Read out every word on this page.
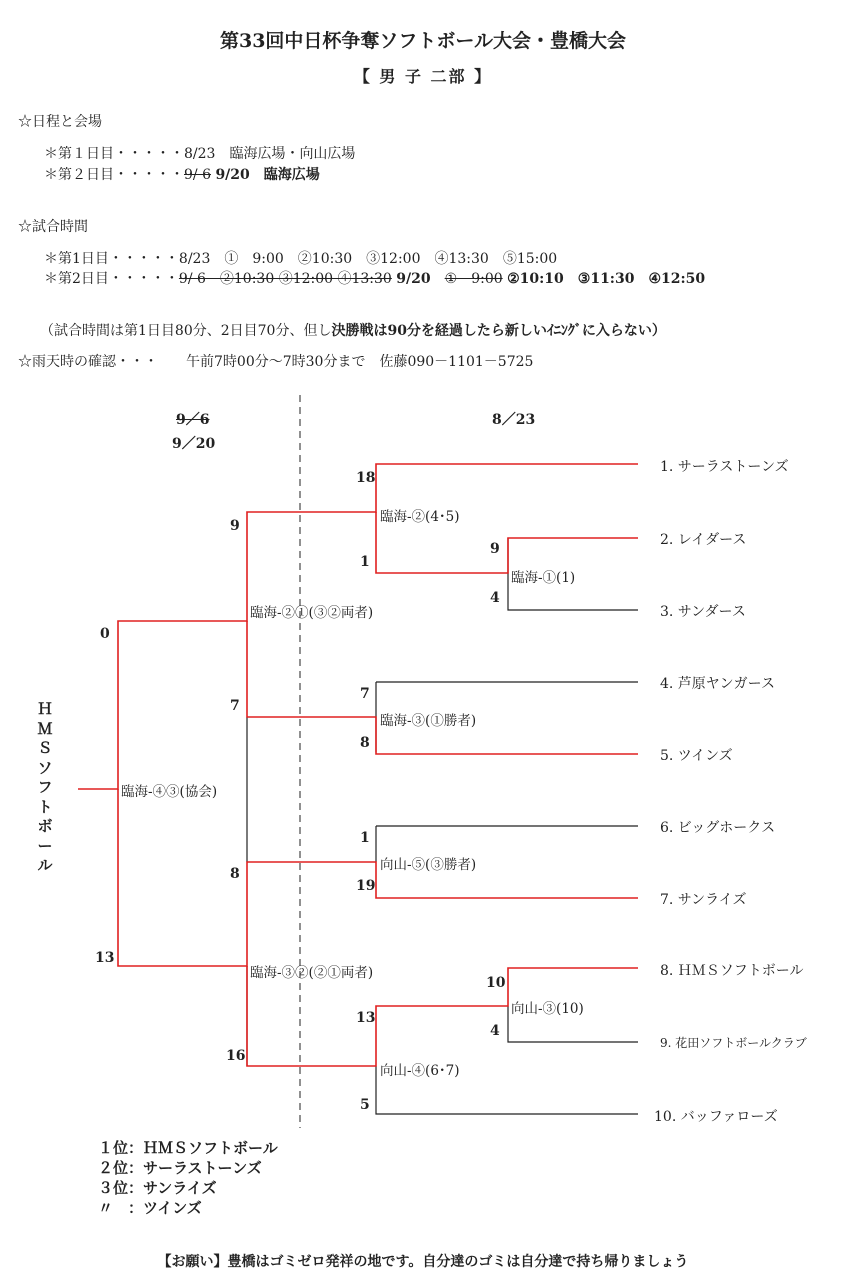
第33回中日杯争奪ソフトボール大会・豊橋大会
【 男 子 二部 】
☆日程と会場
＊第１日目・・・・・8/23　臨海広場・向山広場
＊第２日目・・・・・9/ 6 9/20　臨海広場
☆試合時間
＊第1日目・・・・・8/23　①　9:00　②10:30　③12:00　④13:30　⑤15:00
＊第2日目・・・・・9/ 6　②10:30 ③12:00 ④13:30 9/20　①　9:00 ②10:10　③11:30　④12:50
（試合時間は第1日目80分、2日目70分、但し決勝戦は90分を経過したら新しいｲﾆﾝｸﾞに入らない）
☆雨天時の確認・・・　　午前7時00分～7時30分まで　佐藤090－1101－5725
9／6
9／20
8／23
ＨＭＳソフトボール
1. サーラストーンズ
2. レイダース
3. サンダース
4. 芦原ヤンガース
5. ツインズ
6. ビッグホークス
7. サンライズ
8. ＨＭＳソフトボール
9. 花田ソフトボールクラブ
10. バッファローズ
臨海-②(4･5)
臨海-①(1)
臨海-②①(③②両者)
臨海-③(①勝者)
臨海-④③(協会)
向山-⑤(③勝者)
臨海-③②(②①両者)
向山-③(10)
向山-④(6･7)
18
1
9
4
9
7
7
8
0
1
19
8
13
10
4
13
16
5
１位：ＨＭＳソフトボール
２位：サーラストーンズ
３位：サンライズ
〃　：ツインズ
【お願い】豊橋はゴミゼロ発祥の地です。自分達のゴミは自分達で持ち帰りましょう
